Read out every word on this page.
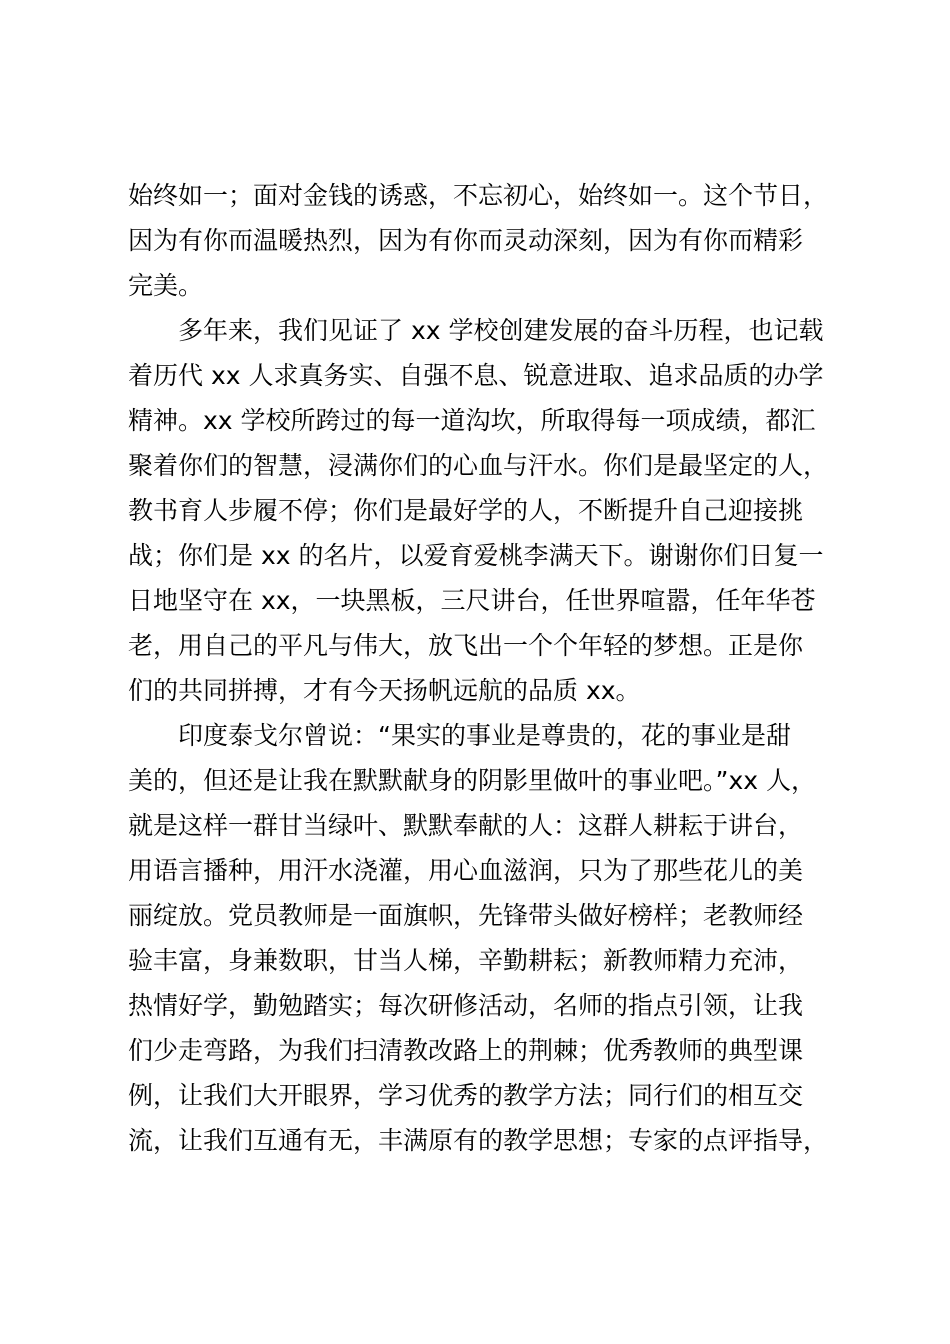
始终如一；面对金钱的诱惑，不忘初心，始终如一。这个节日，
因为有你而温暖热烈，因为有你而灵动深刻，因为有你而精彩
完美。
多年来，我们见证了 xx 学校创建发展的奋斗历程，也记载
着历代 xx 人求真务实、自强不息、锐意进取、追求品质的办学
精神。xx 学校所跨过的每一道沟坎，所取得每一项成绩，都汇
聚着你们的智慧，浸满你们的心血与汗水。你们是最坚定的人，
教书育人步履不停；你们是最好学的人，不断提升自己迎接挑
战；你们是 xx 的名片，以爱育爱桃李满天下。谢谢你们日复一
日地坚守在 xx，一块黑板，三尺讲台，任世界喧嚣，任年华苍
老，用自己的平凡与伟大，放飞出一个个年轻的梦想。正是你
们的共同拼搏，才有今天扬帆远航的品质 xx。
印度泰戈尔曾说：“果实的事业是尊贵的，花的事业是甜
美的，但还是让我在默默献身的阴影里做叶的事业吧。”xx 人，
就是这样一群甘当绿叶、默默奉献的人：这群人耕耘于讲台，
用语言播种，用汗水浇灌，用心血滋润，只为了那些花儿的美
丽绽放。党员教师是一面旗帜，先锋带头做好榜样；老教师经
验丰富，身兼数职，甘当人梯，辛勤耕耘；新教师精力充沛，
热情好学，勤勉踏实；每次研修活动，名师的指点引领，让我
们少走弯路，为我们扫清教改路上的荆棘；优秀教师的典型课
例，让我们大开眼界，学习优秀的教学方法；同行们的相互交
流，让我们互通有无，丰满原有的教学思想；专家的点评指导，
